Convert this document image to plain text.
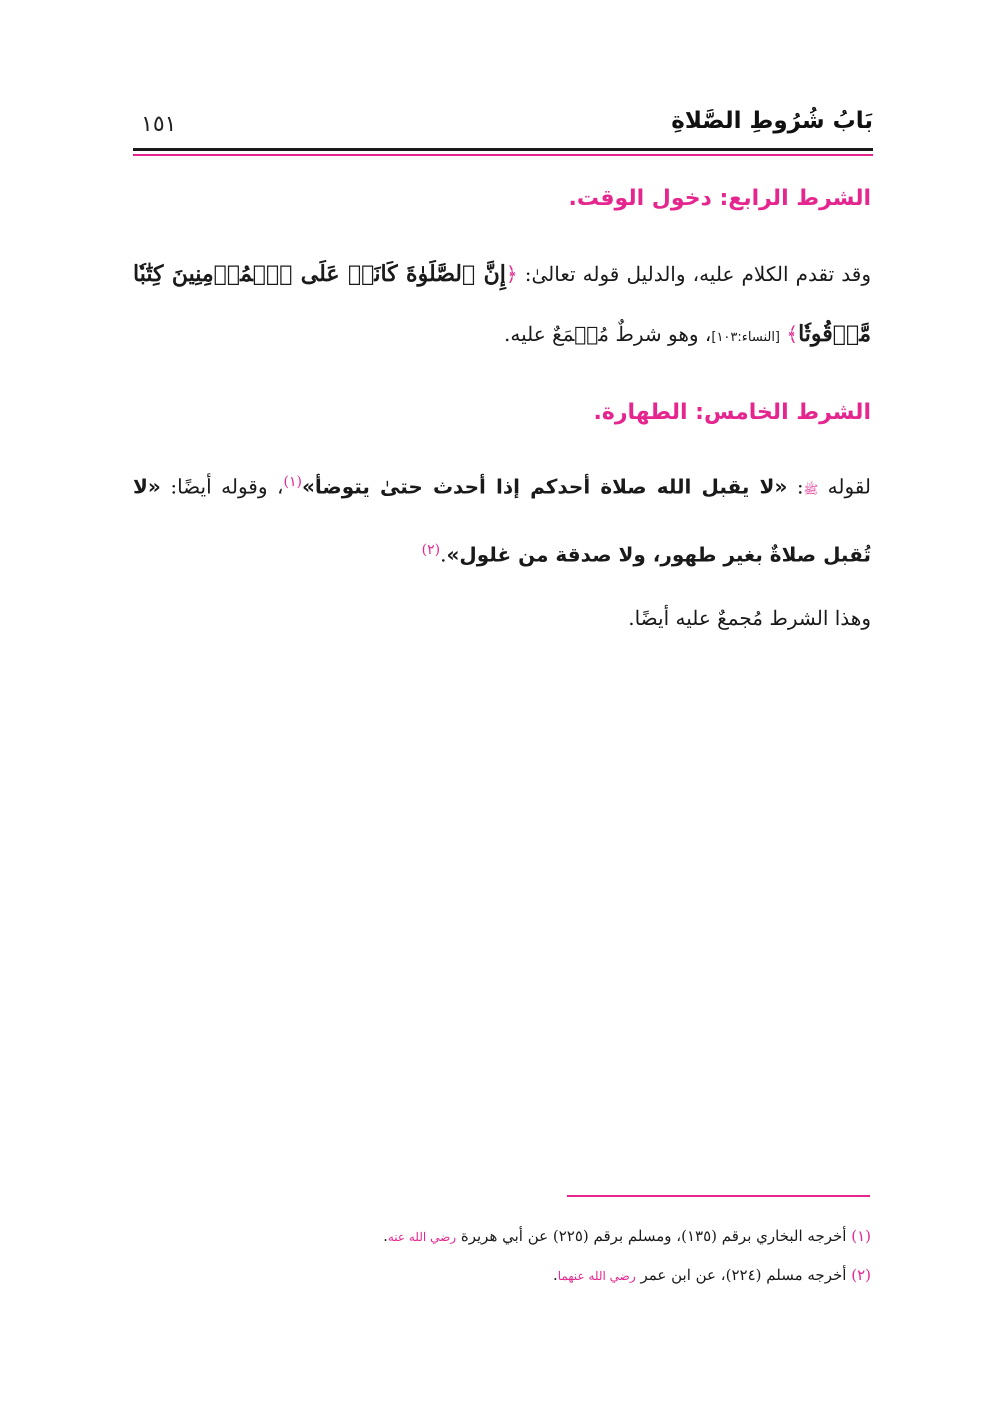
بَابُ شُرُوطِ الصَّلاةِ
١٥١
الشرط الرابع: دخول الوقت.
وقد تقدم الكلام عليه، والدليل قوله تعالىٰ: ﴿إِنَّ ٱلصَّلَوٰةَ كَانَتۡ عَلَى ٱلۡمُؤۡمِنِينَ كِتَٰبٗا مَّوۡقُوتٗا﴾ [النساء:١٠٣]، وهو شرطٌ مُجۡمَعٌ عليه.
الشرط الخامس: الطهارة.
لقوله ﷺ: «لا يقبل الله صلاة أحدكم إذا أحدث حتىٰ يتوضأ»$^{(١)}$، وقوله أيضًا: «لا تُقبل صلاةٌ بغير طهور، ولا صدقة من غلول».$^{(٢)}$
وهذا الشرط مُجمعٌ عليه أيضًا.
(١) أخرجه البخاري برقم (١٣٥)، ومسلم برقم (٢٢٥) عن أبي هريرة رضي الله عنه.
(٢) أخرجه مسلم (٢٢٤)، عن ابن عمر رضي الله عنهما.
